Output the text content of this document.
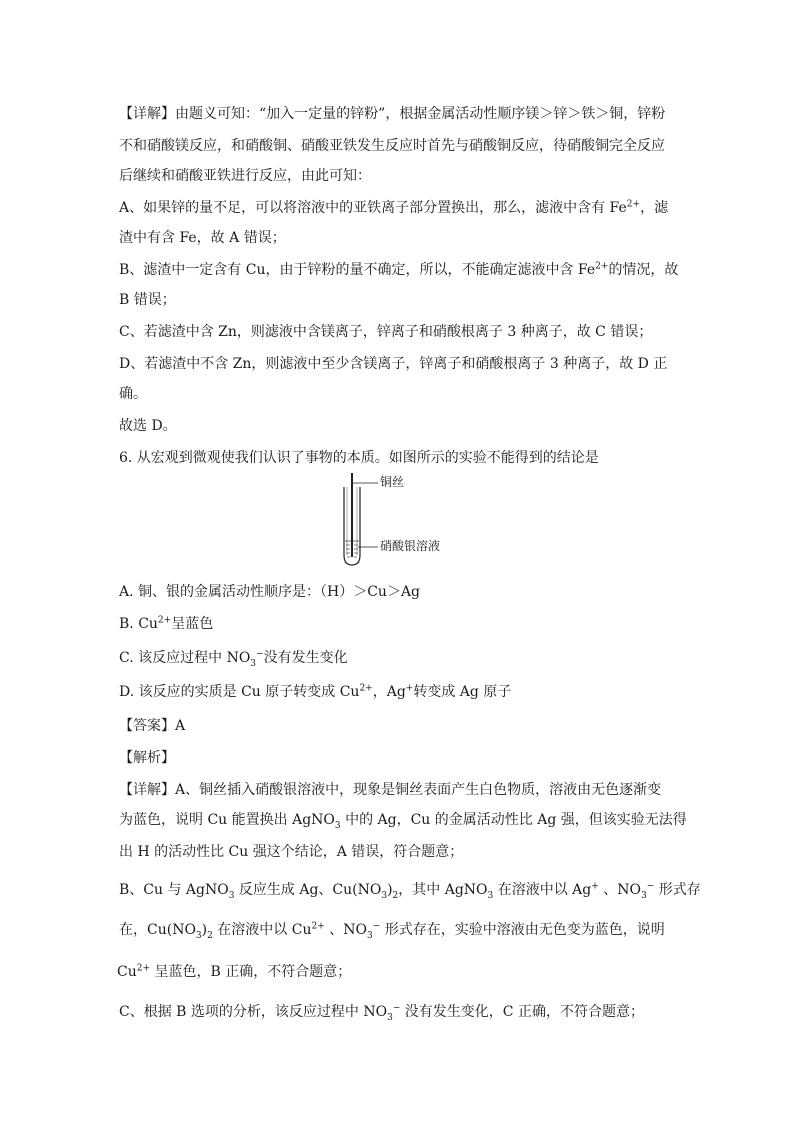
【详解】由题义可知：“加入一定量的锌粉”，根据金属活动性顺序镁＞锌＞铁＞铜，锌粉
不和硝酸镁反应，和硝酸铜、硝酸亚铁发生反应时首先与硝酸铜反应，待硝酸铜完全反应
后继续和硝酸亚铁进行反应，由此可知：
A、如果锌的量不足，可以将溶液中的亚铁离子部分置换出，那么，滤液中含有 $Fe^{2+}$，滤
渣中有含 Fe，故 A 错误；
B、滤渣中一定含有 Cu，由于锌粉的量不确定，所以，不能确定滤液中含 $Fe^{2+}$的情况，故
B 错误；
C、若滤渣中含 Zn，则滤液中含镁离子，锌离子和硝酸根离子 3 种离子，故 C 错误；
D、若滤渣中不含 Zn，则滤液中至少含镁离子，锌离子和硝酸根离子 3 种离子，故 D 正
确。
故选 D。
6. 从宏观到微观使我们认识了事物的本质。如图所示的实验不能得到的结论是
A. 铜、银的金属活动性顺序是：（H）＞Cu＞Ag
B. $Cu^{2+}$呈蓝色
C. 该反应过程中 $NO_3^-$没有发生变化
D. 该反应的实质是 Cu 原子转变成 $Cu^{2+}$，Ag+转变成 Ag 原子
【答案】A
【解析】
【详解】A、铜丝插入硝酸银溶液中，现象是铜丝表面产生白色物质，溶液由无色逐渐变
为蓝色，说明 Cu 能置换出 AgNO$_3$ 中的 Ag，Cu 的金属活动性比 Ag 强，但该实验无法得
出 H 的活动性比 Cu 强这个结论，A 错误，符合题意；
B、Cu 与 AgNO$_3$ 反应生成 Ag、$Cu(NO_3)_2$，其中 AgNO$_3$ 在溶液中以 Ag+ 、$NO_3^-$ 形式存
在，$Cu(NO_3)_2$ 在溶液中以 $Cu^{2+}$ 、$NO_3^-$ 形式存在，实验中溶液由无色变为蓝色，说明
$Cu^{2+}$ 呈蓝色，B 正确，不符合题意；
C、根据 B 选项的分析，该反应过程中 $NO_3^-$ 没有发生变化，C 正确，不符合题意；
铜丝
硝酸银溶液
